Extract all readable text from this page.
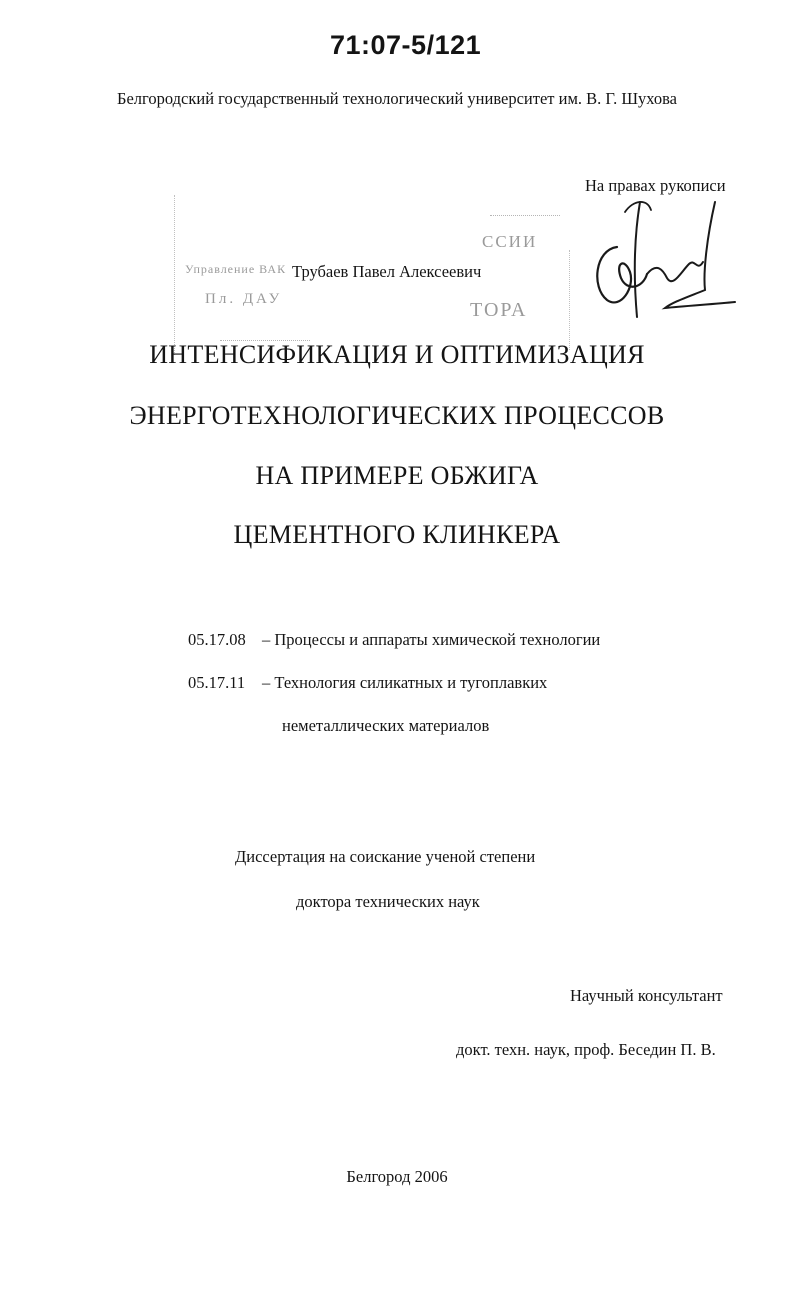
71:07-5/121
Белгородский государственный технологический университет им. В. Г. Шухова
На правах рукописи
ССИИ
ТОРА
Управление ВАК
Пл. ДАУ
Трубаев Павел Алексеевич
ИНТЕНСИФИКАЦИЯ И ОПТИМИЗАЦИЯ
ЭНЕРГОТЕХНОЛОГИЧЕСКИХ ПРОЦЕССОВ
НА ПРИМЕРЕ ОБЖИГА
ЦЕМЕНТНОГО КЛИНКЕРА
05.17.08 – Процессы и аппараты химической технологии
05.17.11 – Технология силикатных и тугоплавких
неметаллических материалов
Диссертация на соискание ученой степени
доктора технических наук
Научный консультант
докт. техн. наук, проф. Беседин П. В.
Белгород 2006
